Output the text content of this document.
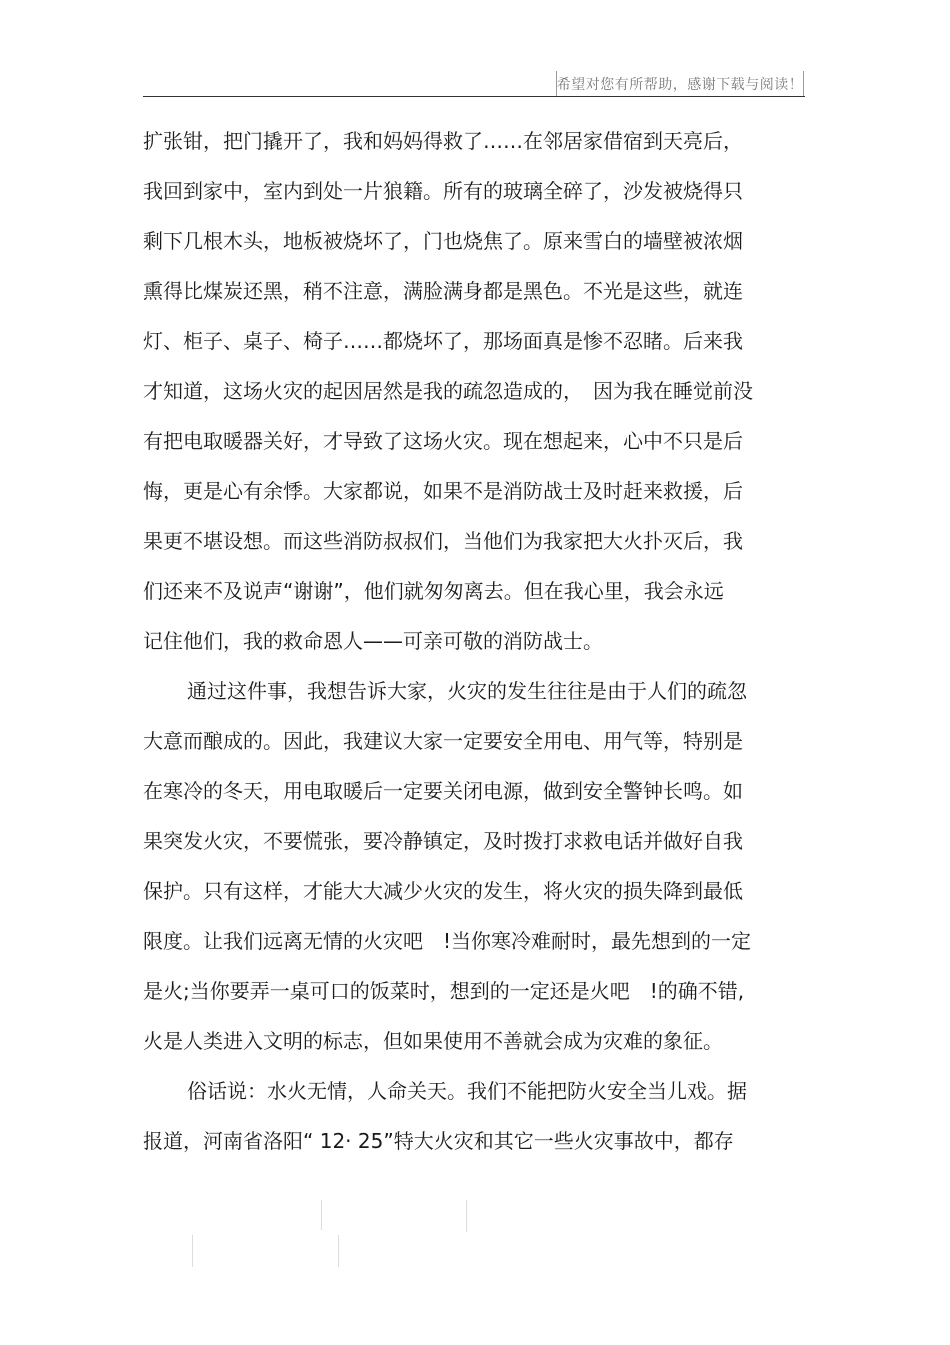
希望对您有所帮助，感谢下载与阅读！
扩张钳，把门撬开了，我和妈妈得救了……在邻居家借宿到天亮后，
我回到家中，室内到处一片狼籍。所有的玻璃全碎了，沙发被烧得只
剩下几根木头，地板被烧坏了，门也烧焦了。原来雪白的墙壁被浓烟
熏得比煤炭还黑，稍不注意，满脸满身都是黑色。不光是这些，就连
灯、柜子、桌子、椅子……都烧坏了，那场面真是惨不忍睹。后来我
才知道，这场火灾的起因居然是我的疏忽造成的，　因为我在睡觉前没
有把电取暖器关好，才导致了这场火灾。现在想起来，心中不只是后
悔，更是心有余悸。大家都说，如果不是消防战士及时赶来救援，后
果更不堪设想。而这些消防叔叔们，当他们为我家把大火扑灭后，我
们还来不及说声“谢谢”，他们就匆匆离去。但在我心里，我会永远
记住他们，我的救命恩人——可亲可敬的消防战士。
通过这件事，我想告诉大家，火灾的发生往往是由于人们的疏忽
大意而酿成的。因此，我建议大家一定要安全用电、用气等，特别是
在寒冷的冬天，用电取暖后一定要关闭电源，做到安全警钟长鸣。如
果突发火灾，不要慌张，要冷静镇定，及时拨打求救电话并做好自我
保护。只有这样，才能大大减少火灾的发生，将火灾的损失降到最低
限度。让我们远离无情的火灾吧　!当你寒冷难耐时，最先想到的一定
是火;当你要弄一桌可口的饭菜时，想到的一定还是火吧　!的确不错,
火是人类进入文明的标志，但如果使用不善就会成为灾难的象征。
俗话说：水火无情，人命关天。我们不能把防火安全当儿戏。据
报道，河南省洛阳“ 12· 25”特大火灾和其它一些火灾事故中，都存
